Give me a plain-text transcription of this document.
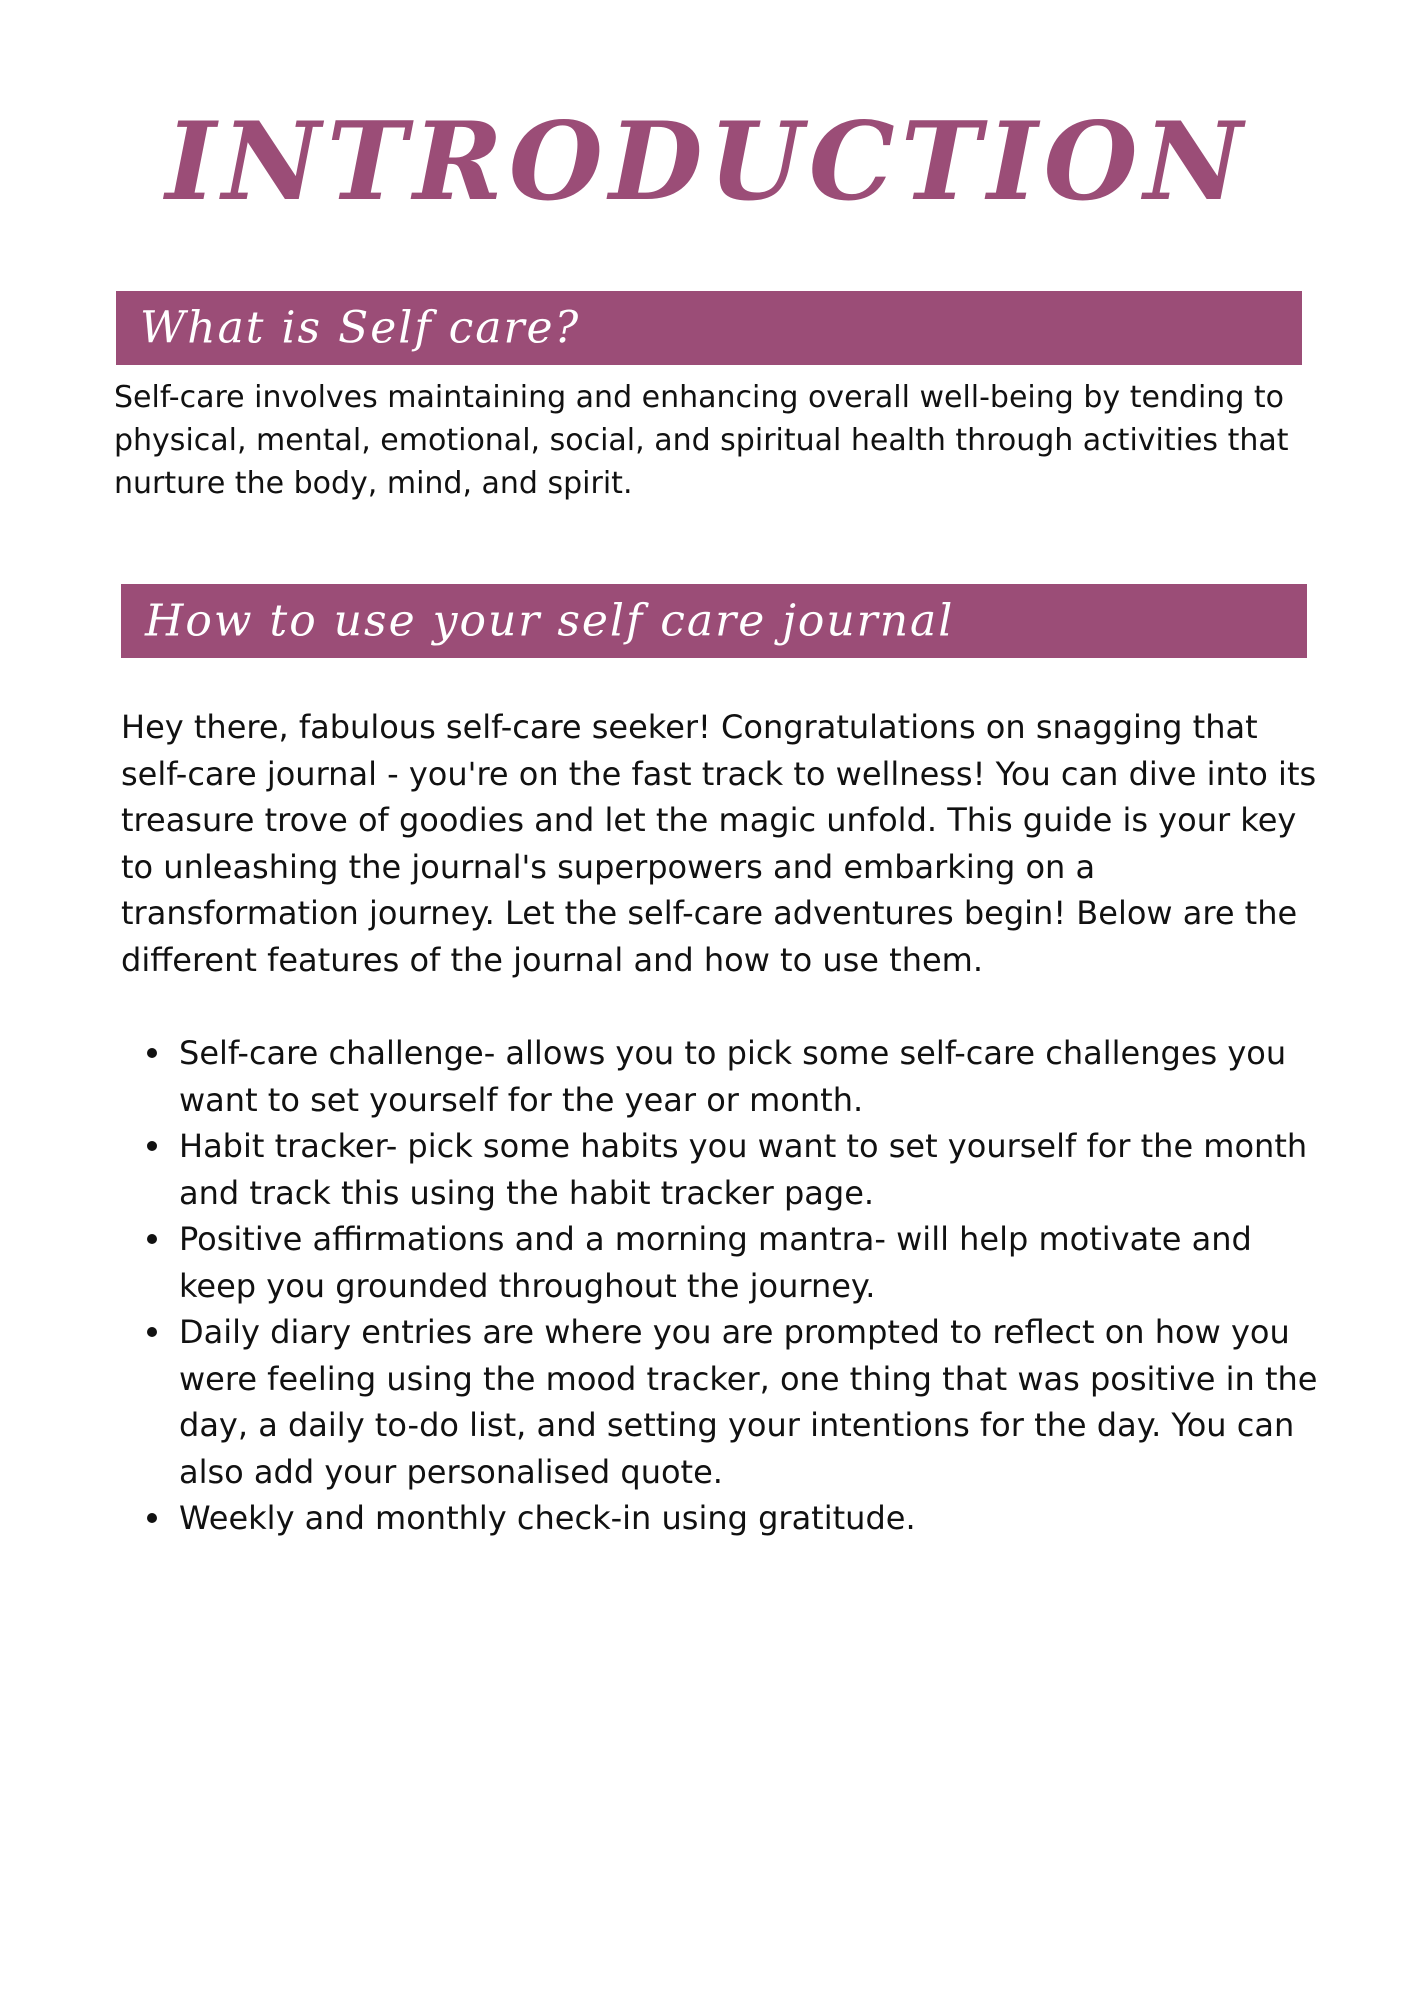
INTRODUCTION
What is Self care?

Self-care involves maintaining and enhancing overall well-being by tending to physical, mental, emotional, social, and spiritual health through activities that nurture the body, mind, and spirit.

How to use your self care journal

Hey there, fabulous self-care seeker! Congratulations on snagging that self-care journal - you're on the fast track to wellness! You can dive into its treasure trove of goodies and let the magic unfold. This guide is your key to unleashing the journal's superpowers and embarking on a transformation journey. Let the self-care adventures begin! Below are the different features of the journal and how to use them.

Self-care challenge- allows you to pick some self-care challenges you want to set yourself for the year or month.
Habit tracker- pick some habits you want to set yourself for the month and track this using the habit tracker page.
Positive affirmations and a morning mantra- will help motivate and keep you grounded throughout the journey.
Daily diary entries are where you are prompted to reflect on how you were feeling using the mood tracker, one thing that was positive in the day, a daily to-do list, and setting your intentions for the day. You can also add your personalised quote.
Weekly and monthly check-in using gratitude.
